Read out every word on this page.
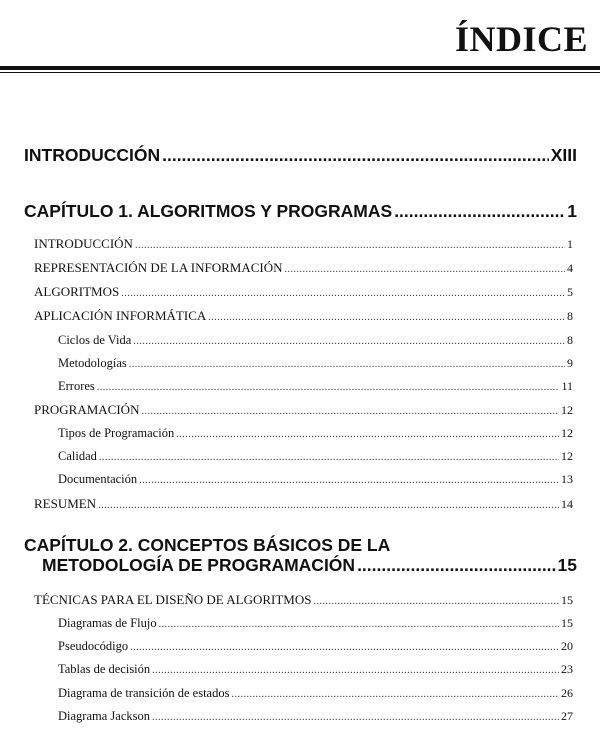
ÍNDICE
INTRODUCCIÓN .....	XIII
CAPÍTULO 1. ALGORITMOS Y PROGRAMAS .....	1
INTRODUCCIÓN .....	1
REPRESENTACIÓN DE LA INFORMACIÓN .....	4
ALGORITMOS .....	5
APLICACIÓN INFORMÁTICA .....	8
Ciclos de Vida .....	8
Metodologías .....	9
Errores .....	11
PROGRAMACIÓN .....	12
Tipos de Programación .....	12
Calidad .....	12
Documentación .....	13
RESUMEN .....	14
CAPÍTULO 2. CONCEPTOS BÁSICOS DE LA
METODOLOGÍA DE PROGRAMACIÓN .....	15
TÉCNICAS PARA EL DISEÑO DE ALGORITMOS .....	15
Diagramas de Flujo .....	15
Pseudocódigo .....	20
Tablas de decisión .....	23
Diagrama de transición de estados .....	26
Diagrama Jackson .....	27
